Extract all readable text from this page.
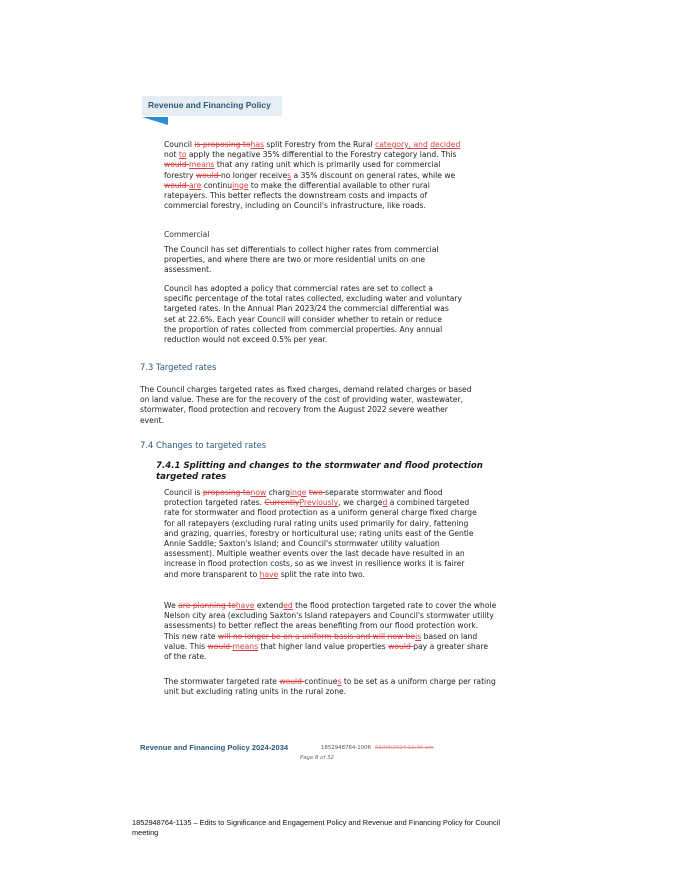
Revenue and Financing Policy

Council is proposing tohas split Forestry from the Rural category, and decided
not to apply the negative 35% differential to the Forestry category land. This
would means that any rating unit which is primarily used for commercial
forestry would no longer receives a 35% discount on general rates, while we
would are continuinge to make the differential available to other rural
ratepayers. This better reflects the downstream costs and impacts of
commercial forestry, including on Council's infrastructure, like roads.

Commercial

The Council has set differentials to collect higher rates from commercial
properties, and where there are two or more residential units on one
assessment.

Council has adopted a policy that commercial rates are set to collect a
specific percentage of the total rates collected, excluding water and voluntary
targeted rates. In the Annual Plan 2023/24 the commercial differential was
set at 22.6%. Each year Council will consider whether to retain or reduce
the proportion of rates collected from commercial properties. Any annual
reduction would not exceed 0.5% per year.

7.3 Targeted rates

The Council charges targeted rates as fixed charges, demand related charges or based
on land value. These are for the recovery of the cost of providing water, wastewater,
stormwater, flood protection and recovery from the August 2022 severe weather
event.

7.4 Changes to targeted rates

7.4.1 Splitting and changes to the stormwater and flood protection
targeted rates

Council is proposing tonow charginge two separate stormwater and flood
protection targeted rates. CurrentlyPreviously, we charged a combined targeted
rate for stormwater and flood protection as a uniform general charge fixed charge
for all ratepayers (excluding rural rating units used primarily for dairy, fattening
and grazing, quarries, forestry or horticultural use; rating units east of the Gentle
Annie Saddle; Saxton's Island; and Council's stormwater utility valuation
assessment). Multiple weather events over the last decade have resulted in an
increase in flood protection costs, so as we invest in resilience works it is fairer
and more transparent to have split the rate into two.

We are planning tohave extended the flood protection targeted rate to cover the whole
Nelson city area (excluding Saxton's Island ratepayers and Council's stormwater utility
assessments) to better reflect the areas benefiting from our flood protection work.
This new rate will no longer be on a uniform basis and will now beis based on land
value. This would means that higher land value properties would pay a greater share
of the rate.

The stormwater targeted rate would continues to be set as a uniform charge per rating
unit but excluding rating units in the rural zone.

Revenue and Financing Policy 2024-2034	1852948764-1006 03/03/2024 11:35 am
Page 8 of 32

1852948764-1135 – Edits to Significance and Engagement Policy and Revenue and Financing Policy for Council
meeting
